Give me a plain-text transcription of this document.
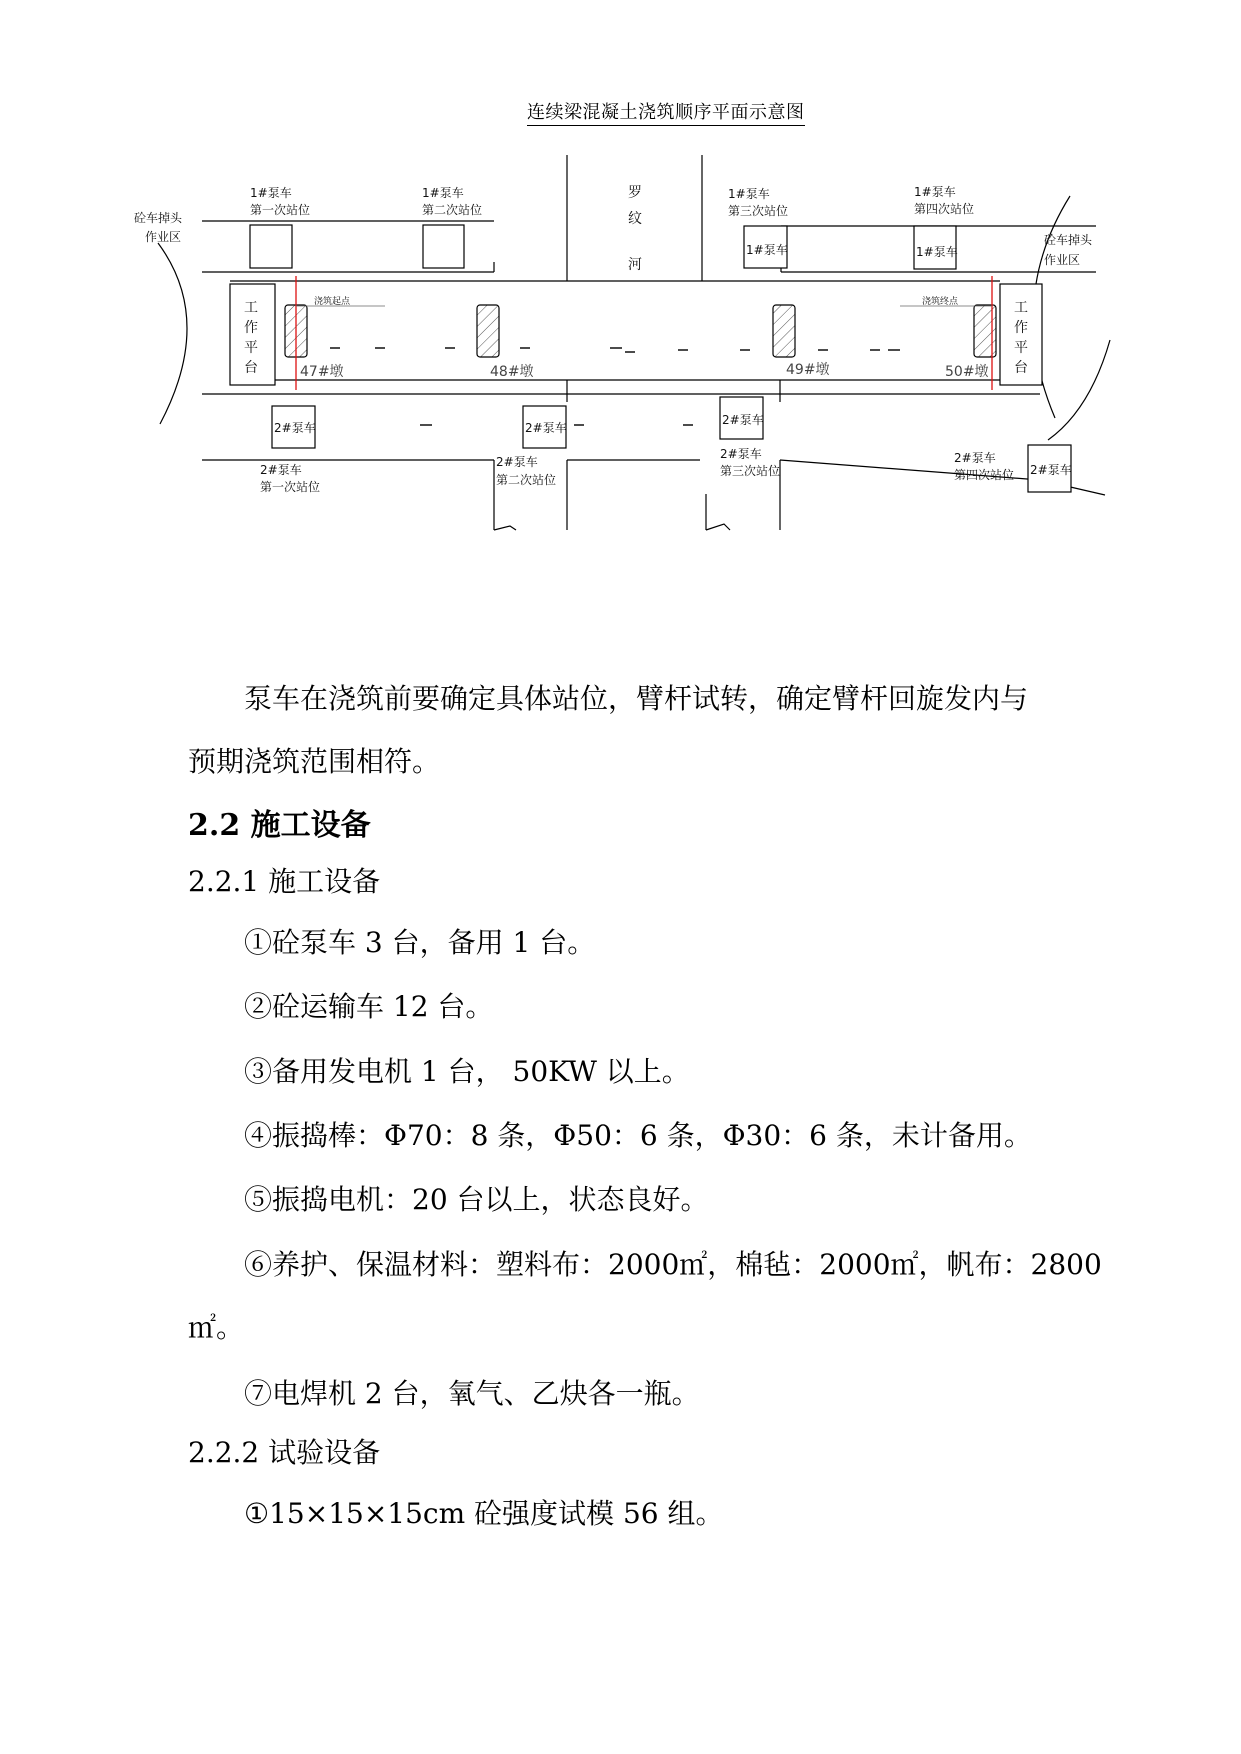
连续梁混凝土浇筑顺序平面示意图
砼车掉头
作业区	砼车掉头
作业区
1#泵车
第一次站位
1#泵车
第二次站位
1#泵车
第三次站位
1#泵车
第四次站位
2#泵车
第一次站位
2#泵车
第二次站位
2#泵车
第三次站位
2#泵车
第四次站位
1#泵车	1#泵车
2#泵车	2#泵车
2#泵车
2#泵车
罗
纹
河
工
作
平
台
工
作
平
台
浇筑起点	浇筑终点
47#墩	48#墩	49#墩	50#墩
泵车在浇筑前要确定具体站位，臂杆试转，确定臂杆回旋发内与
预期浇筑范围相符。
2.2 施工设备
2.2.1 施工设备
①砼泵车 3 台，备用 1 台。
②砼运输车 12 台。
③备用发电机 1 台， 50KW 以上。
④振捣棒：Φ70：8 条，Φ50：6 条，Φ30：6 条，未计备用。
⑤振捣电机：20 台以上，状态良好。
⑥养护、保温材料：塑料布：2000㎡，棉毡：2000㎡，帆布：2800
㎡。
⑦电焊机 2 台，氧气、乙炔各一瓶。
2.2.2 试验设备
①15×15×15cm 砼强度试模 56 组。
